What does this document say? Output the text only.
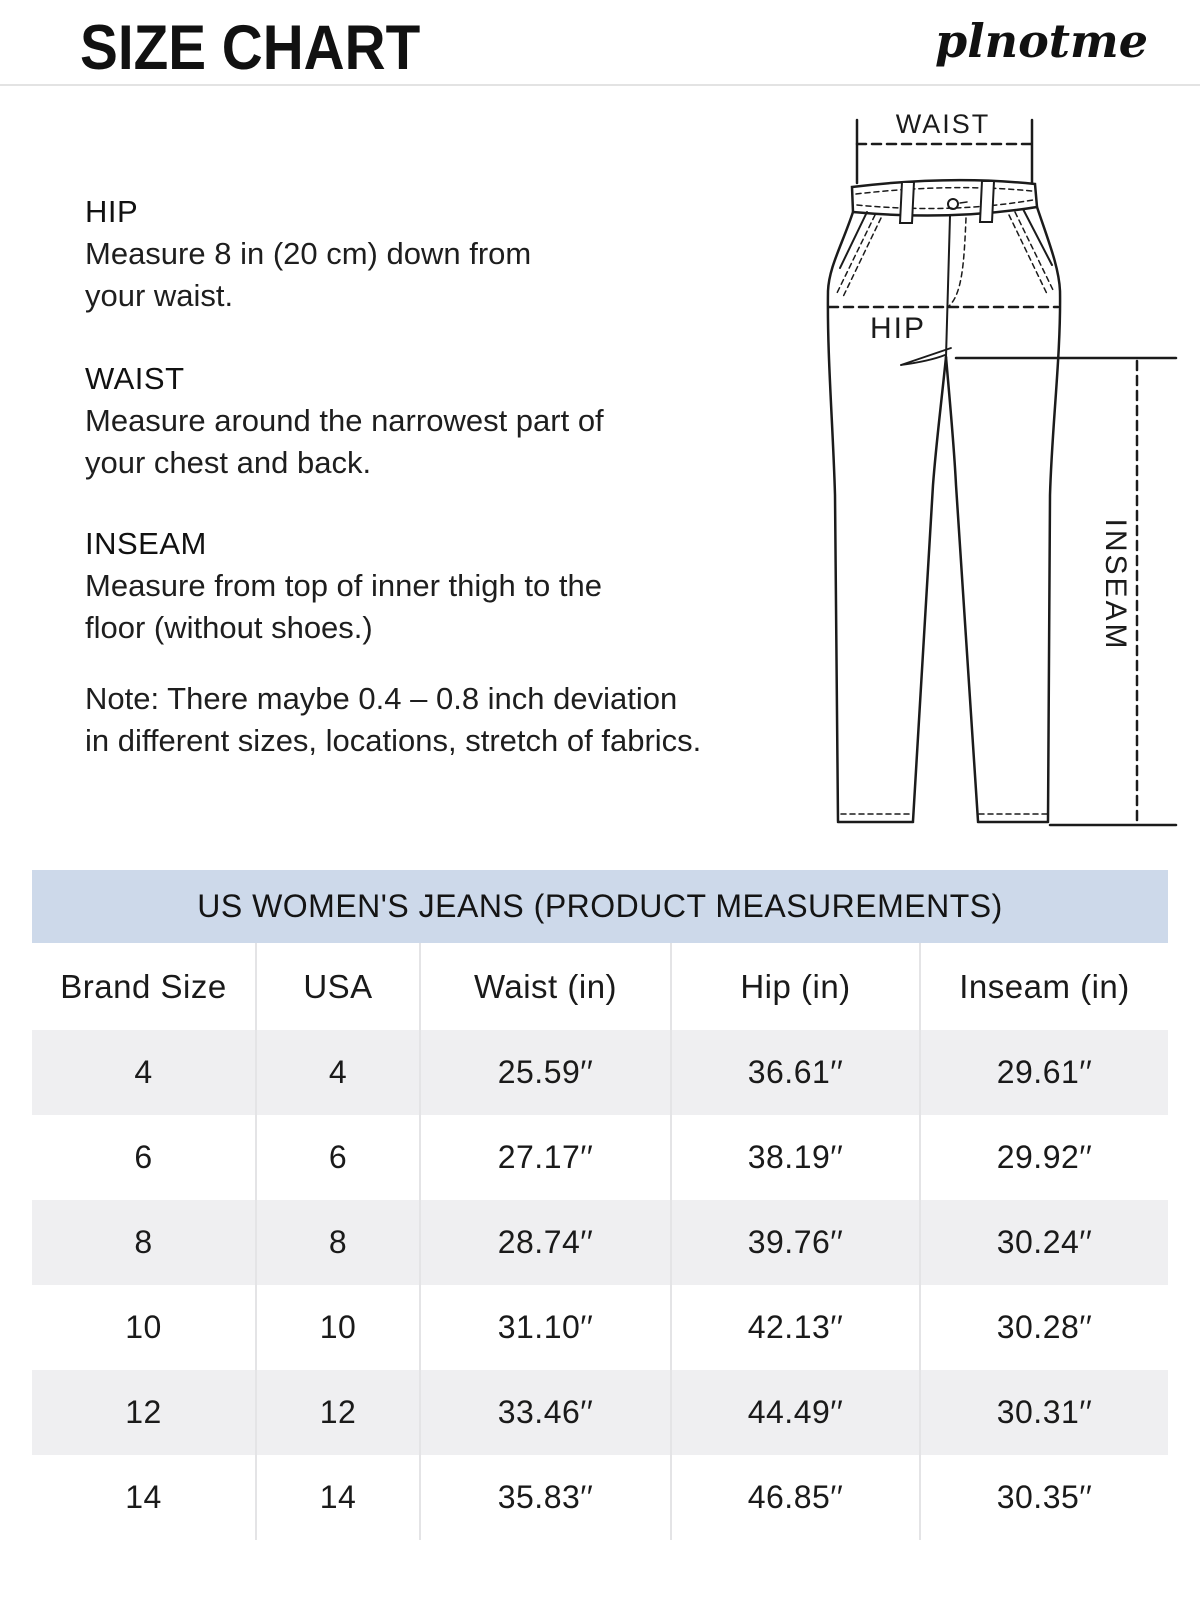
SIZE CHART	plnotme
HIP
Measure 8 in (20 cm) down from
your waist.
WAIST
Measure around the narrowest part of
your chest and back.
INSEAM
Measure from top of inner thigh to the
floor (without shoes.)
Note: There maybe 0.4 – 0.8 inch deviation
in different sizes, locations, stretch of fabrics.
WAIST
HIP
INSEAM
US WOMEN'S JEANS (PRODUCT MEASUREMENTS)
Brand Size	USA	Waist (in)	Hip (in)	Inseam (in)
4	4	25.59′′	36.61′′	29.61′′
6	6	27.17′′	38.19′′	29.92′′
8	8	28.74′′	39.76′′	30.24′′
10	10	31.10′′	42.13′′	30.28′′
12	12	33.46′′	44.49′′	30.31′′
14	14	35.83′′	46.85′′	30.35′′
